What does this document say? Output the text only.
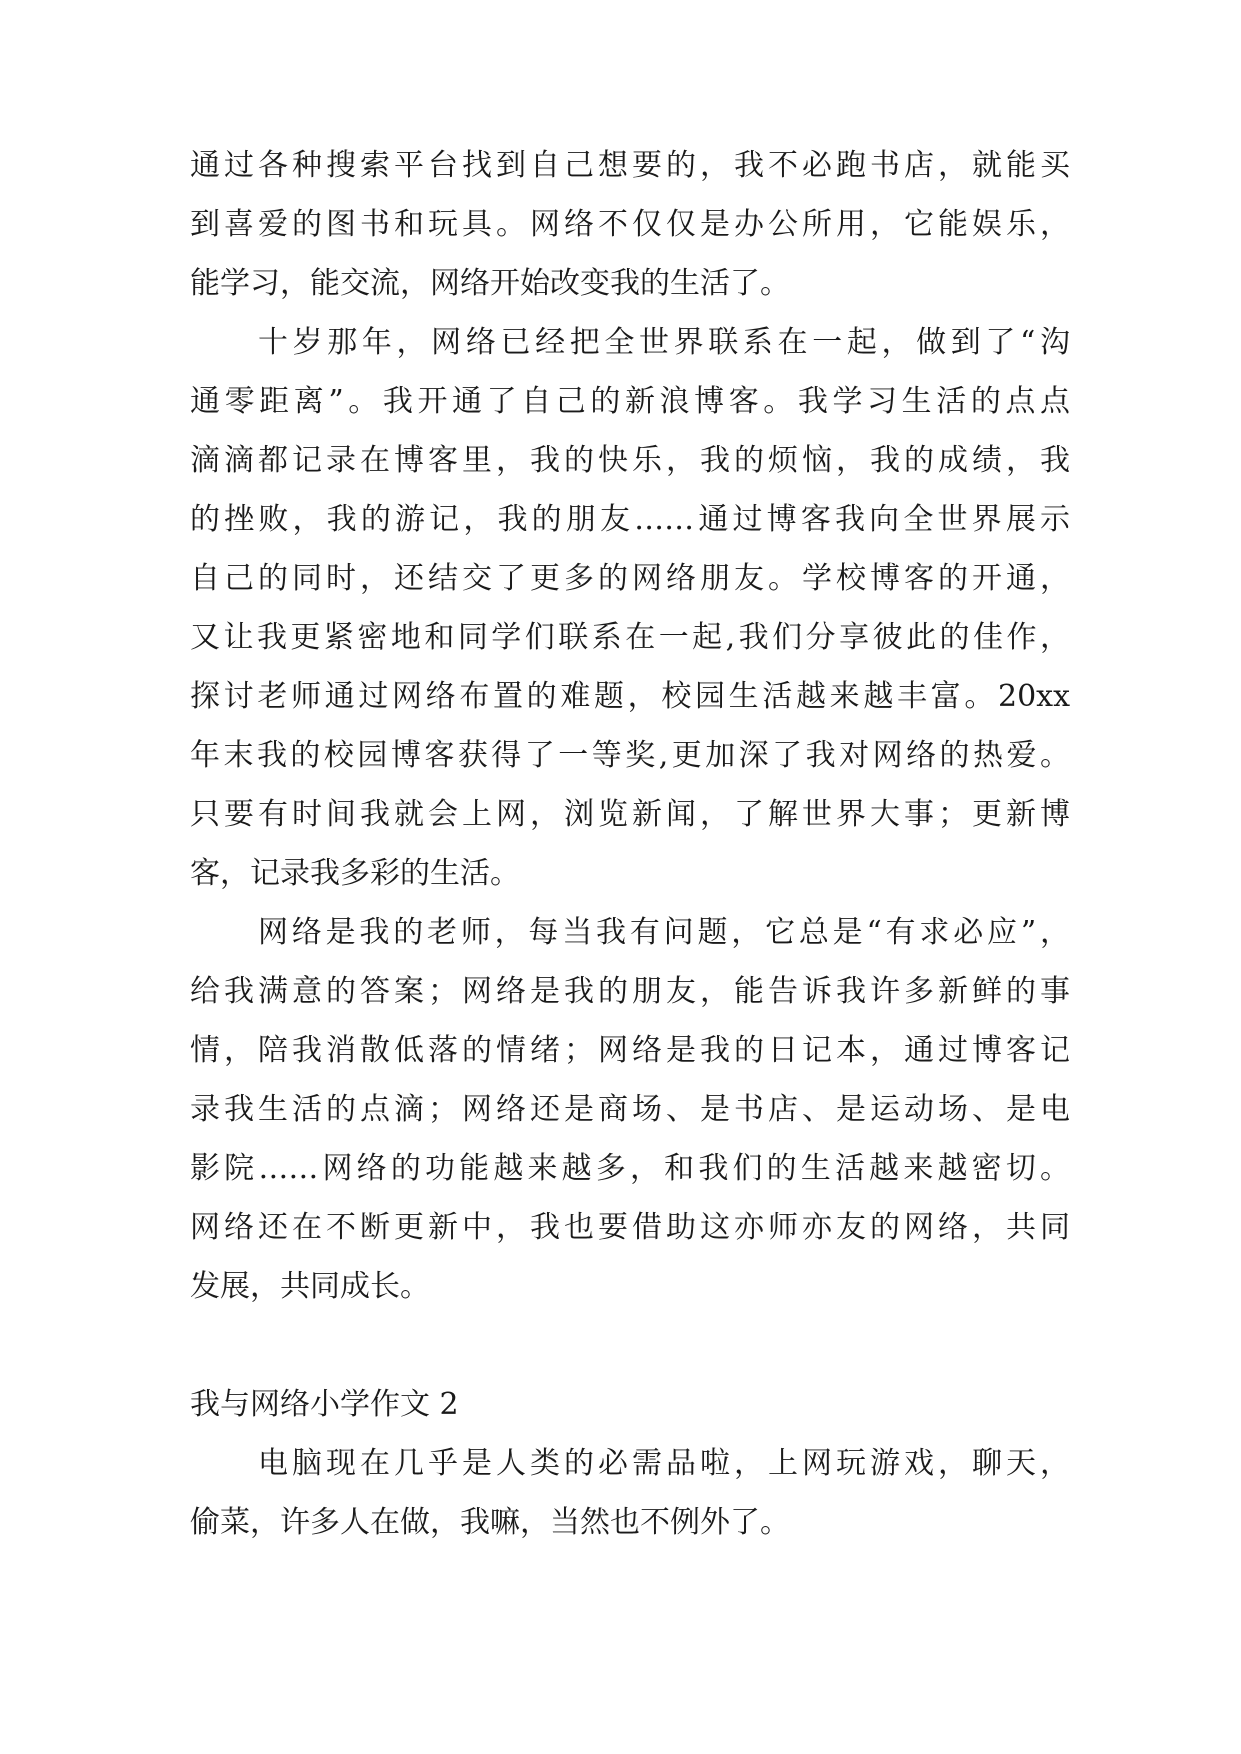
通过各种搜索平台找到自己想要的，我不必跑书店，就能买
到喜爱的图书和玩具。网络不仅仅是办公所用，它能娱乐，
能学习，能交流，网络开始改变我的生活了。
十岁那年，网络已经把全世界联系在一起，做到了“沟
通零距离”。我开通了自己的新浪博客。我学习生活的点点
滴滴都记录在博客里，我的快乐，我的烦恼，我的成绩，我
的挫败，我的游记，我的朋友……通过博客我向全世界展示
自己的同时，还结交了更多的网络朋友。学校博客的开通，
又让我更紧密地和同学们联系在一起,我们分享彼此的佳作，
探讨老师通过网络布置的难题，校园生活越来越丰富。20xx
年末我的校园博客获得了一等奖,更加深了我对网络的热爱。
只要有时间我就会上网，浏览新闻，了解世界大事；更新博
客，记录我多彩的生活。
网络是我的老师，每当我有问题，它总是“有求必应”，
给我满意的答案；网络是我的朋友，能告诉我许多新鲜的事
情，陪我消散低落的情绪；网络是我的日记本，通过博客记
录我生活的点滴；网络还是商场、是书店、是运动场、是电
影院……网络的功能越来越多，和我们的生活越来越密切。
网络还在不断更新中，我也要借助这亦师亦友的网络，共同
发展，共同成长。
我与网络小学作文 2
电脑现在几乎是人类的必需品啦，上网玩游戏，聊天，
偷菜，许多人在做，我嘛，当然也不例外了。
